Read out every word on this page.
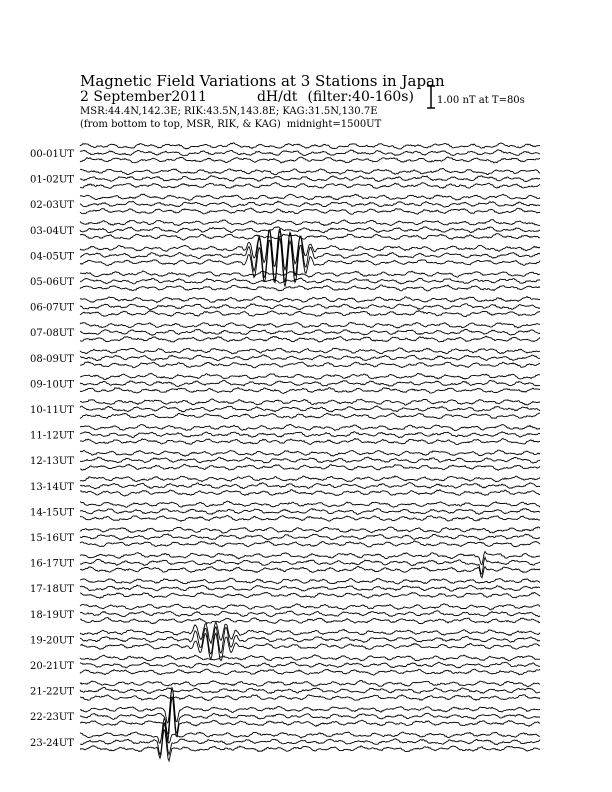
Magnetic Field Variations at 3 Stations in Japan

2 September2011	dH/dt (filter:40-160s)

MSR:44.4N,142.3E; RIK:43.5N,143.8E; KAG:31.5N,130.7E

(from bottom to top, MSR, RIK, & KAG) midnight=1500UT

1.00 nT at T=80s

00-01UT
01-02UT
02-03UT
03-04UT
04-05UT
05-06UT
06-07UT
07-08UT
08-09UT
09-10UT
10-11UT
11-12UT
12-13UT
13-14UT
14-15UT
15-16UT
16-17UT
17-18UT
18-19UT
19-20UT
20-21UT
21-22UT
22-23UT
23-24UT
